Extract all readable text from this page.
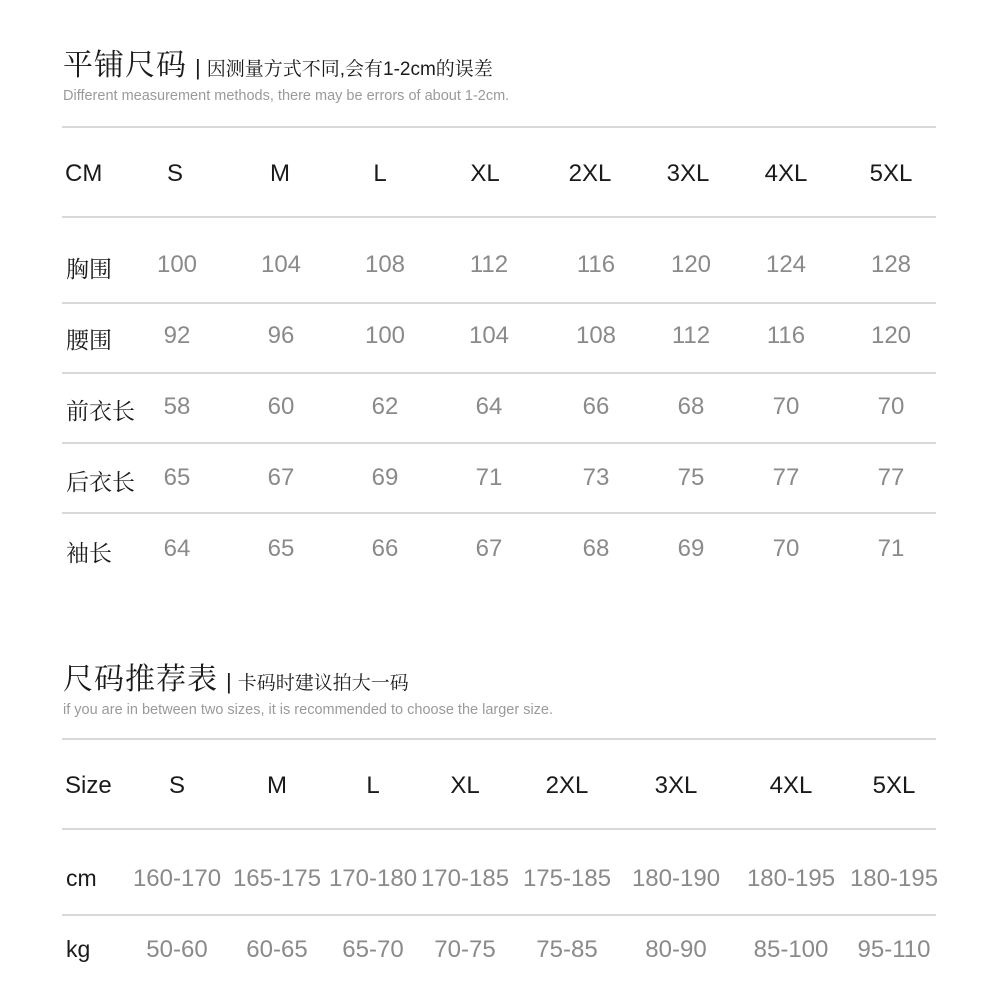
平铺尺码 | 因测量方式不同,会有1-2cm的误差
Different measurement methods, there may be errors of about 1-2cm.
CM	S	M	L	XL	2XL 3XL 4XL	5XL
胸围 100	104	108	112	116 120 124	128
腰围 92	96	100	104	108 112 116	120
前衣长 58	60	62	64	66	68	70	70
后衣长 65	67	69	71	73	75	77	77
袖长 64	65	66	67	68	69	70	71
尺码推荐表 | 卡码时建议拍大一码
if you are in between two sizes, it is recommended to choose the larger size.
Size S	M	L	XL	2XL	3XL	4XL	5XL
cm 160-170 165-175 170-180 170-185 175-185 180-190 180-195 180-195
kg 50-60 60-65 65-70 70-75 75-85 80-90 85-100 95-110
